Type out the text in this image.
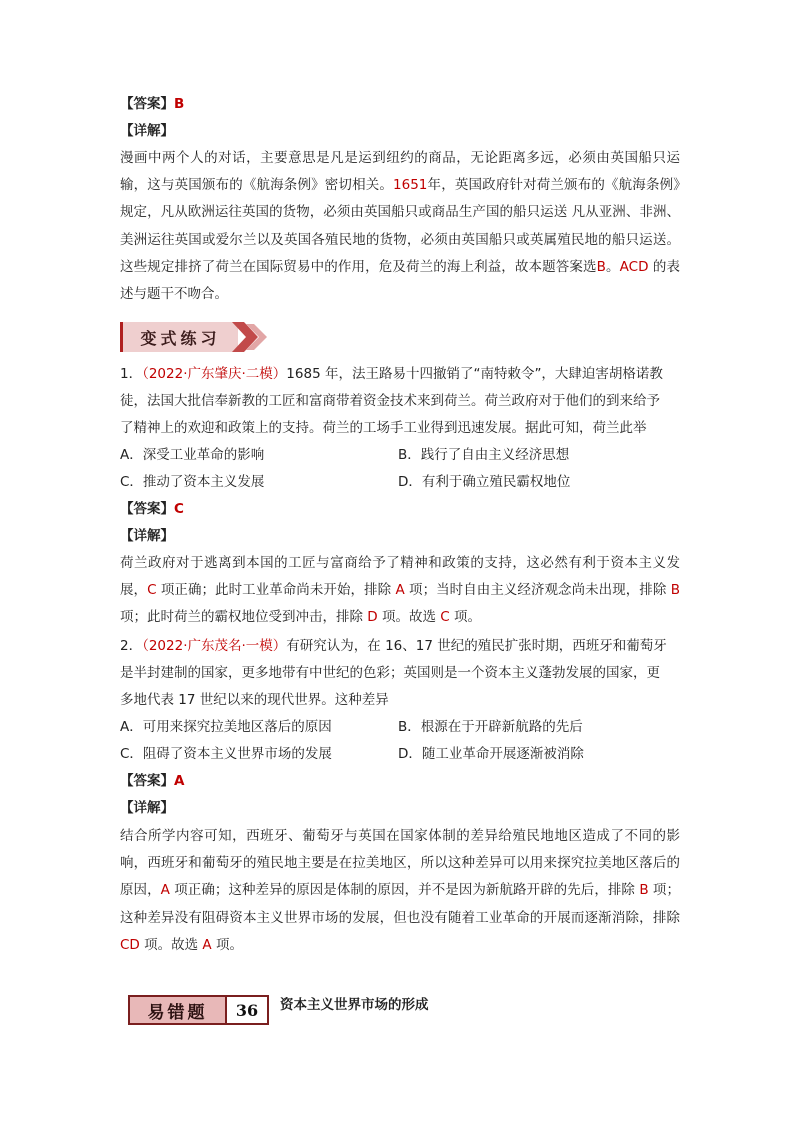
【答案】B
【详解】
漫画中两个人的对话，主要意思是凡是运到纽约的商品，无论距离多远，必须由英国船只运输，这与英国颁布的《航海条例》密切相关。1651年，英国政府针对荷兰颁布的《航海条例》规定，凡从欧洲运往英国的货物，必须由英国船只或商品生产国的船只运送 凡从亚洲、非洲、美洲运往英国或爱尔兰以及英国各殖民地的货物，必须由英国船只或英属殖民地的船只运送。这些规定排挤了荷兰在国际贸易中的作用，危及荷兰的海上利益，故本题答案选B。ACD 的表述与题干不吻合。
变式练习
1．（2022·广东肇庆·二模）1685 年，法王路易十四撤销了“南特敕令”，大肆迫害胡格诺教
徒，法国大批信奉新教的工匠和富商带着资金技术来到荷兰。荷兰政府对于他们的到来给予
了精神上的欢迎和政策上的支持。荷兰的工场手工业得到迅速发展。据此可知，荷兰此举
A．深受工业革命的影响	B．践行了自由主义经济思想
C．推动了资本主义发展	D．有利于确立殖民霸权地位
【答案】C
【详解】
荷兰政府对于逃离到本国的工匠与富商给予了精神和政策的支持，这必然有利于资本主义发展，C 项正确；此时工业革命尚未开始，排除 A 项；当时自由主义经济观念尚未出现，排除 B 项；此时荷兰的霸权地位受到冲击，排除 D 项。故选 C 项。
2．（2022·广东茂名·一模）有研究认为，在 16、17 世纪的殖民扩张时期，西班牙和葡萄牙
是半封建制的国家，更多地带有中世纪的色彩；英国则是一个资本主义蓬勃发展的国家，更
多地代表 17 世纪以来的现代世界。这种差异
A．可用来探究拉美地区落后的原因	B．根源在于开辟新航路的先后
C．阻碍了资本主义世界市场的发展	D．随工业革命开展逐渐被消除
【答案】A
【详解】
结合所学内容可知，西班牙、葡萄牙与英国在国家体制的差异给殖民地地区造成了不同的影响，西班牙和葡萄牙的殖民地主要是在拉美地区，所以这种差异可以用来探究拉美地区落后的原因，A 项正确；这种差异的原因是体制的原因，并不是因为新航路开辟的先后，排除 B 项；这种差异没有阻碍资本主义世界市场的发展，但也没有随着工业革命的开展而逐渐消除，排除 CD 项。故选 A 项。
易错题	36	资本主义世界市场的形成
